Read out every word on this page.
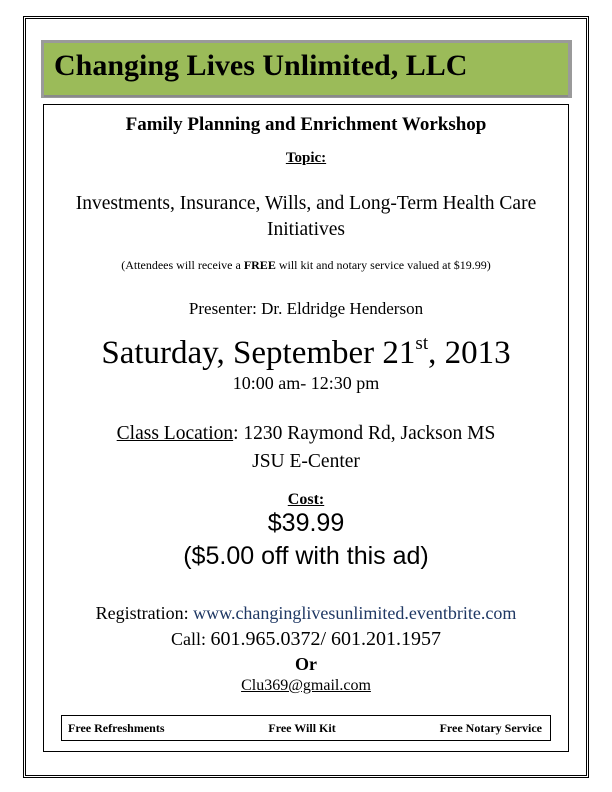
Changing Lives Unlimited, LLC

Family Planning and Enrichment Workshop

Topic:

Investments, Insurance, Wills, and Long-Term Health Care Initiatives

(Attendees will receive a FREE will kit and notary service valued at $19.99)

Presenter: Dr. Eldridge Henderson

Saturday, September 21st, 2013

10:00 am- 12:30 pm

Class Location: 1230 Raymond Rd, Jackson MS

JSU E-Center

Cost:

$39.99

($5.00 off with this ad)

Registration: www.changinglivesunlimited.eventbrite.com

Call: 601.965.0372/ 601.201.1957

Or

Clu369@gmail.com

Free Refreshments	Free Will Kit	Free Notary Service
